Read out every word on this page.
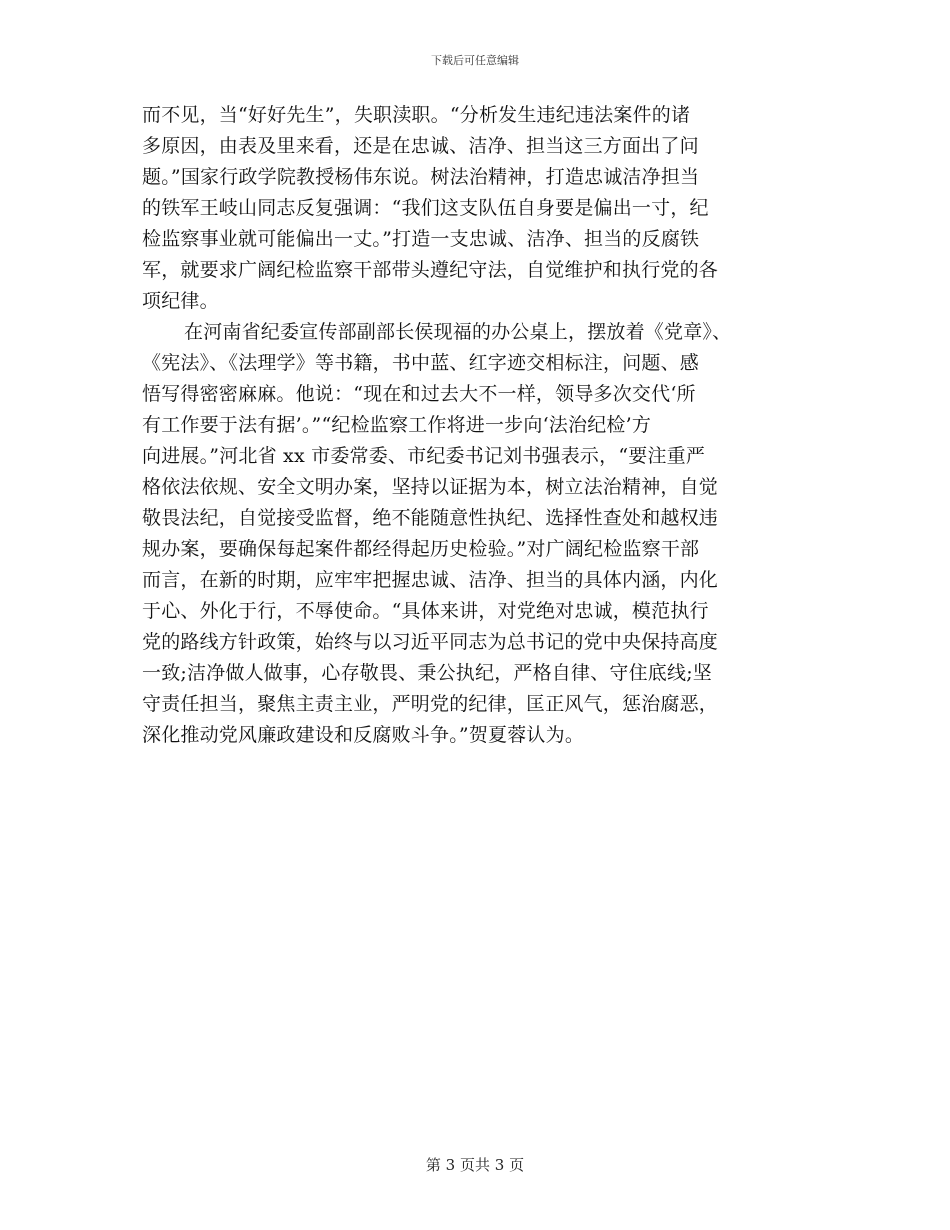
下载后可任意编辑
而不见，当“好好先生”，失职渎职。“分析发生违纪违法案件的诸
多原因，由表及里来看，还是在忠诚、洁净、担当这三方面出了问
题。”国家行政学院教授杨伟东说。树法治精神，打造忠诚洁净担当
的铁军王岐山同志反复强调：“我们这支队伍自身要是偏出一寸，纪
检监察事业就可能偏出一丈。”打造一支忠诚、洁净、担当的反腐铁
军，就要求广阔纪检监察干部带头遵纪守法，自觉维护和执行党的各
项纪律。
在河南省纪委宣传部副部长侯现福的办公桌上，摆放着《党章》、
《宪法》、《法理学》等书籍，书中蓝、红字迹交相标注，问题、感
悟写得密密麻麻。他说：“现在和过去大不一样，领导多次交代‘所
有工作要于法有据’。”“纪检监察工作将进一步向‘法治纪检’方
向进展。”河北省 xx 市委常委、市纪委书记刘书强表示，“要注重严
格依法依规、安全文明办案，坚持以证据为本，树立法治精神，自觉
敬畏法纪，自觉接受监督，绝不能随意性执纪、选择性查处和越权违
规办案，要确保每起案件都经得起历史检验。”对广阔纪检监察干部
而言，在新的时期，应牢牢把握忠诚、洁净、担当的具体内涵，内化
于心、外化于行，不辱使命。“具体来讲，对党绝对忠诚，模范执行
党的路线方针政策，始终与以习近平同志为总书记的党中央保持高度
一致;洁净做人做事，心存敬畏、秉公执纪，严格自律、守住底线;坚
守责任担当，聚焦主责主业，严明党的纪律，匡正风气，惩治腐恶，
深化推动党风廉政建设和反腐败斗争。”贺夏蓉认为。
第 3 页共 3 页
